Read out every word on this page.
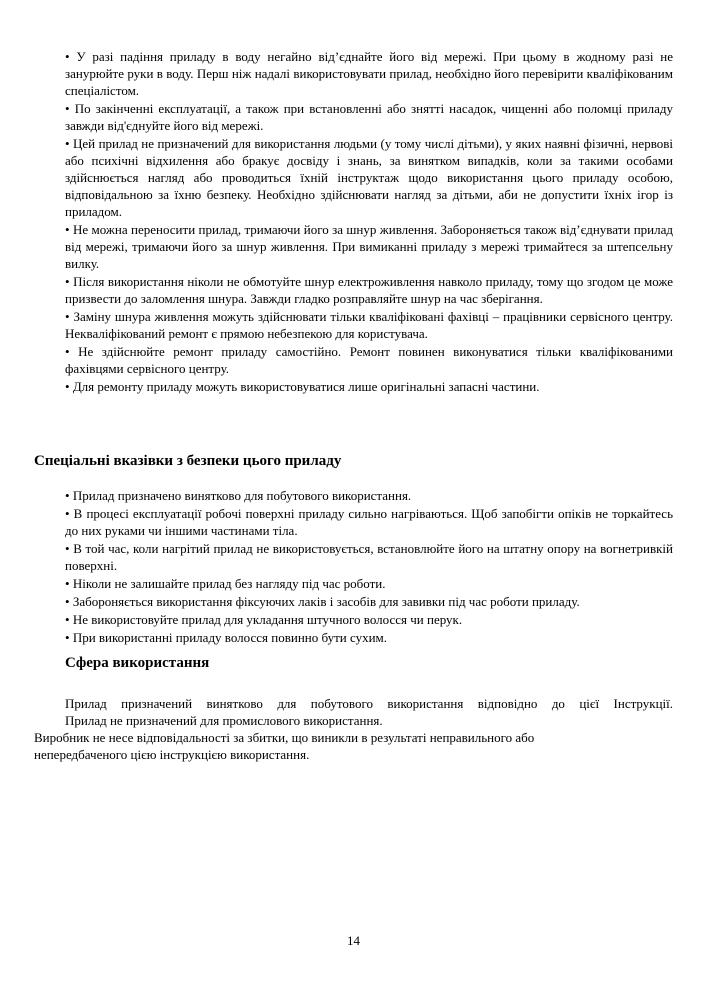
• У разі падіння приладу в воду негайно від’єднайте його від мережі. При цьому в жодному разі не занурюйте руки в воду. Перш ніж надалі використовувати прилад, необхідно його перевірити кваліфікованим спеціалістом.

• По закінченні експлуатації, а також при встановленні або знятті насадок, чищенні або поломці приладу завжди від'єднуйте його від мережі.

• Цей прилад не призначений для використання людьми (у тому числі дітьми), у яких наявні фізичні, нервові або психічні відхилення або бракує досвіду і знань, за винятком випадків, коли за такими особами здійснюється нагляд або проводиться їхній інструктаж щодо використання цього приладу особою, відповідальною за їхню безпеку. Необхідно здійснювати нагляд за дітьми, аби не допустити їхніх ігор із приладом.

• Не можна переносити прилад, тримаючи його за шнур живлення. Забороняється також від’єднувати прилад від мережі, тримаючи його за шнур живлення. При вимиканні приладу з мережі тримайтеся за штепсельну вилку.

• Після використання ніколи не обмотуйте шнур електроживлення навколо приладу, тому що згодом це може призвести до заломлення шнура. Завжди гладко розправляйте шнур на час зберігання.

• Заміну шнура живлення можуть здійснювати тільки кваліфіковані фахівці – працівники сервісного центру. Некваліфікований ремонт є прямою небезпекою для користувача.

• Не здійснюйте ремонт приладу самостійно. Ремонт повинен виконуватися тільки кваліфікованими фахівцями сервісного центру.

• Для ремонту приладу можуть використовуватися лише оригінальні запасні частини.

Спеціальні вказівки з безпеки цього приладу

• Прилад призначено винятково для побутового використання.

• В процесі експлуатації робочі поверхні приладу сильно нагріваються. Щоб запобігти опіків не торкайтесь до них руками чи іншими частинами тіла.

• В той час, коли нагрітий прилад не використовується, встановлюйте його на штатну опору на вогнетривкій поверхні.

• Ніколи не залишайте прилад без нагляду під час роботи.

• Забороняється використання фіксуючих лаків і засобів для завивки під час роботи приладу.

• Не використовуйте прилад для укладання штучного волосся чи перук.

• При використанні приладу волосся повинно бути сухим.

Сфера використання

Прилад призначений винятково для побутового використання відповідно до цієї Інструкції.

Прилад не призначений для промислового використання.

Виробник не несе відповідальності за збитки, що виникли в результаті неправильного або

непередбаченого цією інструкцією використання.

14
